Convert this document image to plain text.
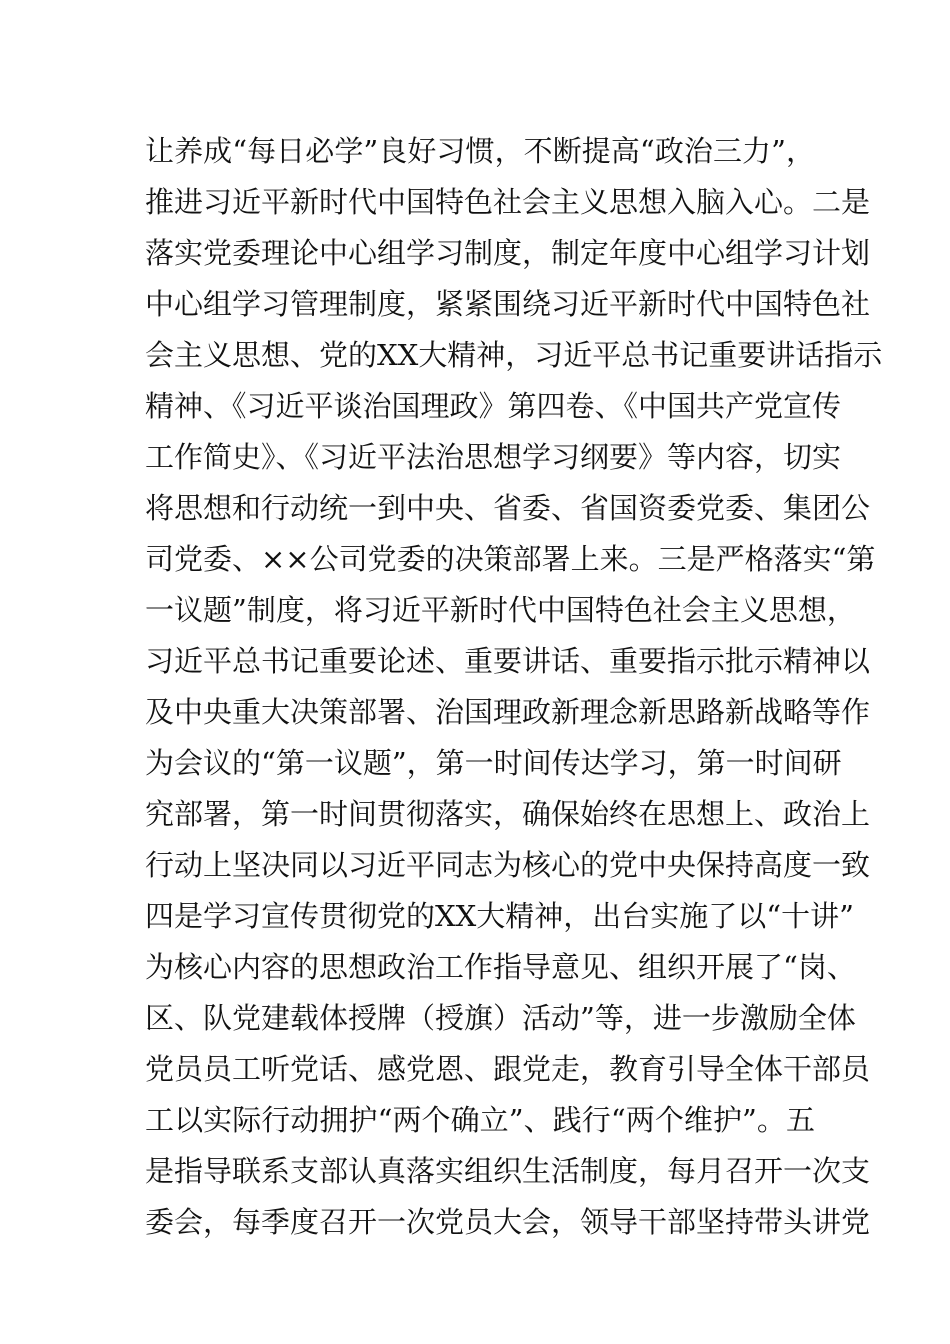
让养成“每日必学”良好习惯，不断提高“政治三力”，
推进习近平新时代中国特色社会主义思想入脑入心。二是
落实党委理论中心组学习制度，制定年度中心组学习计划
中心组学习管理制度，紧紧围绕习近平新时代中国特色社
会主义思想、党的XX大精神，习近平总书记重要讲话指示
精神、《习近平谈治国理政》第四卷、《中国共产党宣传
工作简史》、《习近平法治思想学习纲要》等内容，切实
将思想和行动统一到中央、省委、省国资委党委、集团公
司党委、××公司党委的决策部署上来。三是严格落实“第
一议题”制度，将习近平新时代中国特色社会主义思想，
习近平总书记重要论述、重要讲话、重要指示批示精神以
及中央重大决策部署、治国理政新理念新思路新战略等作
为会议的“第一议题”，第一时间传达学习，第一时间研
究部署，第一时间贯彻落实，确保始终在思想上、政治上
行动上坚决同以习近平同志为核心的党中央保持高度一致
四是学习宣传贯彻党的XX大精神，出台实施了以“十讲”
为核心内容的思想政治工作指导意见、组织开展了“岗、
区、队党建载体授牌（授旗）活动”等，进一步激励全体
党员员工听党话、感党恩、跟党走，教育引导全体干部员
工以实际行动拥护“两个确立”、践行“两个维护”。五
是指导联系支部认真落实组织生活制度，每月召开一次支
委会，每季度召开一次党员大会，领导干部坚持带头讲党
